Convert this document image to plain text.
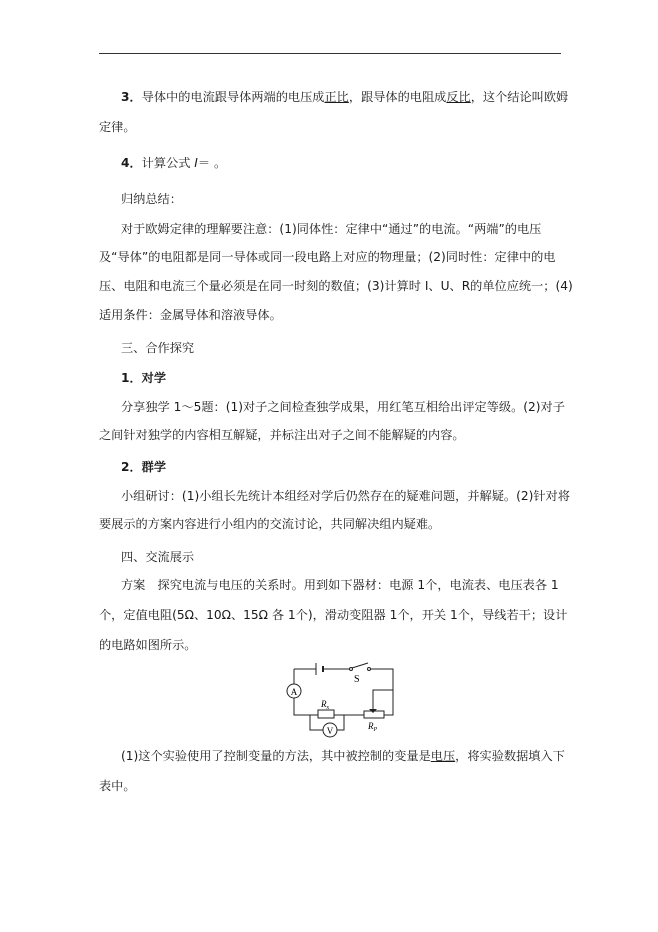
3．导体中的电流跟导体两端的电压成正比，跟导体的电阻成反比，这个结论叫欧姆
定律。
4．计算公式 I＝ 。
归纳总结：
对于欧姆定律的理解要注意：(1)同体性：定律中“通过”的电流。“两端”的电压
及“导体”的电阻都是同一导体或同一段电路上对应的物理量；(2)同时性：定律中的电
压、电阻和电流三个量必须是在同一时刻的数值；(3)计算时 I、U、R的单位应统一；(4)
适用条件：金属导体和溶液导体。
三、合作探究
1．对学
分享独学 1～5题：(1)对子之间检查独学成果，用红笔互相给出评定等级。(2)对子
之间针对独学的内容相互解疑，并标注出对子之间不能解疑的内容。
2．群学
小组研讨：(1)小组长先统计本组经对学后仍然存在的疑难问题，并解疑。(2)针对将
要展示的方案内容进行小组内的交流讨论，共同解决组内疑难。
四、交流展示
方案　探究电流与电压的关系时。用到如下器材：电源 1个，电流表、电压表各 1
个，定值电阻(5Ω、10Ω、15Ω 各 1个)，滑动变阻器 1个，开关 1个，导线若干；设计
的电路如图所示。
A
V
S
$R_x$
$R_P$
(1)这个实验使用了控制变量的方法，其中被控制的变量是电压，将实验数据填入下
表中。
